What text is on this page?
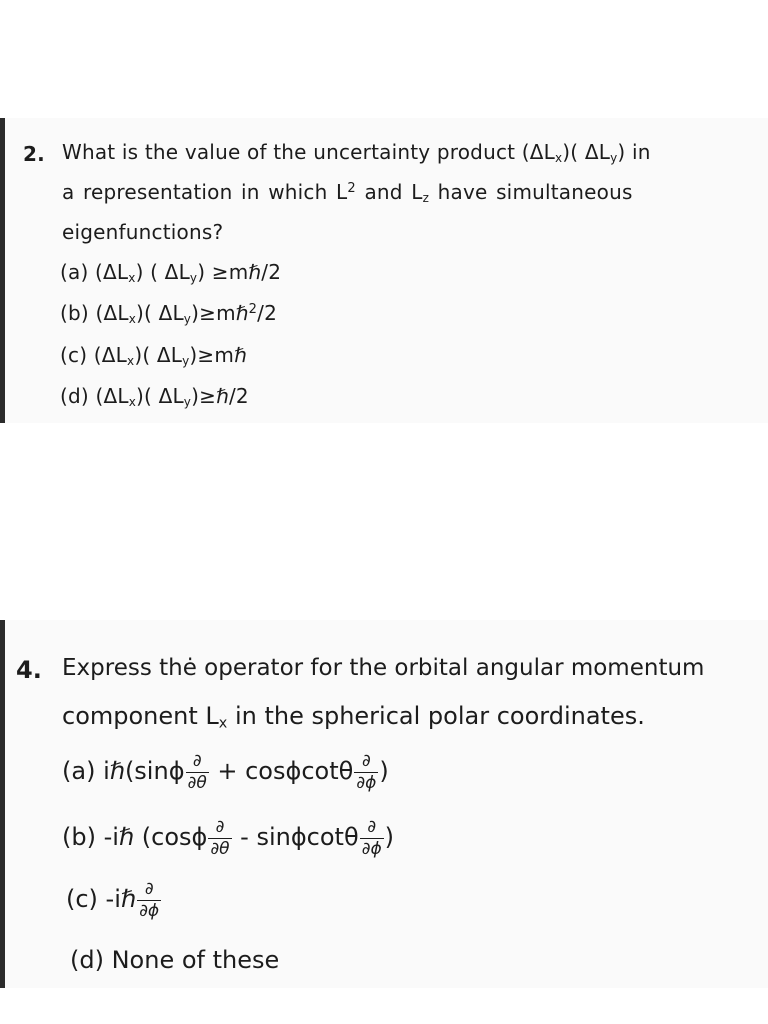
2. What is the value of the uncertainty product $(\Delta L_x)$( $\Delta L_y$) in
a representation in which $L^2$ and $L_z$ have simultaneous
eigenfunctions?
(a) $(\Delta L_x)$ ( $\Delta L_y$) ≥mℏ/2
(b) $(\Delta L_x)$( $\Delta L_y)\ge m\hbar^2/2$
(c) $(\Delta L_x)$( $\Delta L_y)\ge m\hbar$
(d) $(\Delta L_x)$( $\Delta L_y)\ge\hbar/2$
4. Express thė operator for the orbital angular momentum
component $L_x$ in the spherical polar coordinates.
(a) iℏ(sinϕ $\frac{\partial}{\partial\theta} + \cos\phi\cot\theta \frac{\partial}{\partial\phi}$ )
(b) -iℏ ($\cos\phi \frac{\partial}{\partial\theta}$ - sinϕcotθ $\frac{\partial}{\partial\phi}$ )
(c) -iℏ $\frac{\partial}{\partial\phi}$
(d) None of these
